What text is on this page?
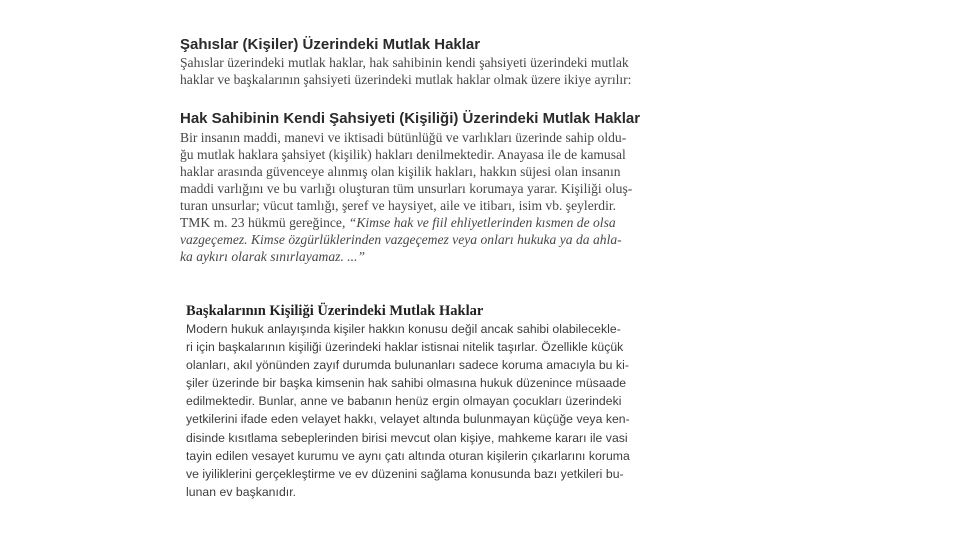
Şahıslar (Kişiler) Üzerindeki Mutlak Haklar
Şahıslar üzerindeki mutlak haklar, hak sahibinin kendi şahsiyeti üzerindeki mutlak
haklar ve başkalarının şahsiyeti üzerindeki mutlak haklar olmak üzere ikiye ayrılır:
Hak Sahibinin Kendi Şahsiyeti (Kişiliği) Üzerindeki Mutlak Haklar
Bir insanın maddi, manevi ve iktisadi bütünlüğü ve varlıkları üzerinde sahip oldu-
ğu mutlak haklara şahsiyet (kişilik) hakları denilmektedir. Anayasa ile de kamusal
haklar arasında güvenceye alınmış olan kişilik hakları, hakkın süjesi olan insanın
maddi varlığını ve bu varlığı oluşturan tüm unsurları korumaya yarar. Kişiliği oluş-
turan unsurlar; vücut tamlığı, şeref ve haysiyet, aile ve itibarı, isim vb. şeylerdir.
TMK m. 23 hükmü gereğince, “Kimse hak ve fiil ehliyetlerinden kısmen de olsa
vazgeçemez. Kimse özgürlüklerinden vazgeçemez veya onları hukuka ya da ahla-
ka aykırı olarak sınırlayamaz. ...”
Başkalarının Kişiliği Üzerindeki Mutlak Haklar
Modern hukuk anlayışında kişiler hakkın konusu değil ancak sahibi olabilecekle-
ri için başkalarının kişiliği üzerindeki haklar istisnai nitelik taşırlar. Özellikle küçük
olanları, akıl yönünden zayıf durumda bulunanları sadece koruma amacıyla bu ki-
şiler üzerinde bir başka kimsenin hak sahibi olmasına hukuk düzenince müsaade
edilmektedir. Bunlar, anne ve babanın henüz ergin olmayan çocukları üzerindeki
yetkilerini ifade eden velayet hakkı, velayet altında bulunmayan küçüğe veya ken-
disinde kısıtlama sebeplerinden birisi mevcut olan kişiye, mahkeme kararı ile vasi
tayin edilen vesayet kurumu ve aynı çatı altında oturan kişilerin çıkarlarını koruma
ve iyiliklerini gerçekleştirme ve ev düzenini sağlama konusunda bazı yetkileri bu-
lunan ev başkanıdır.
